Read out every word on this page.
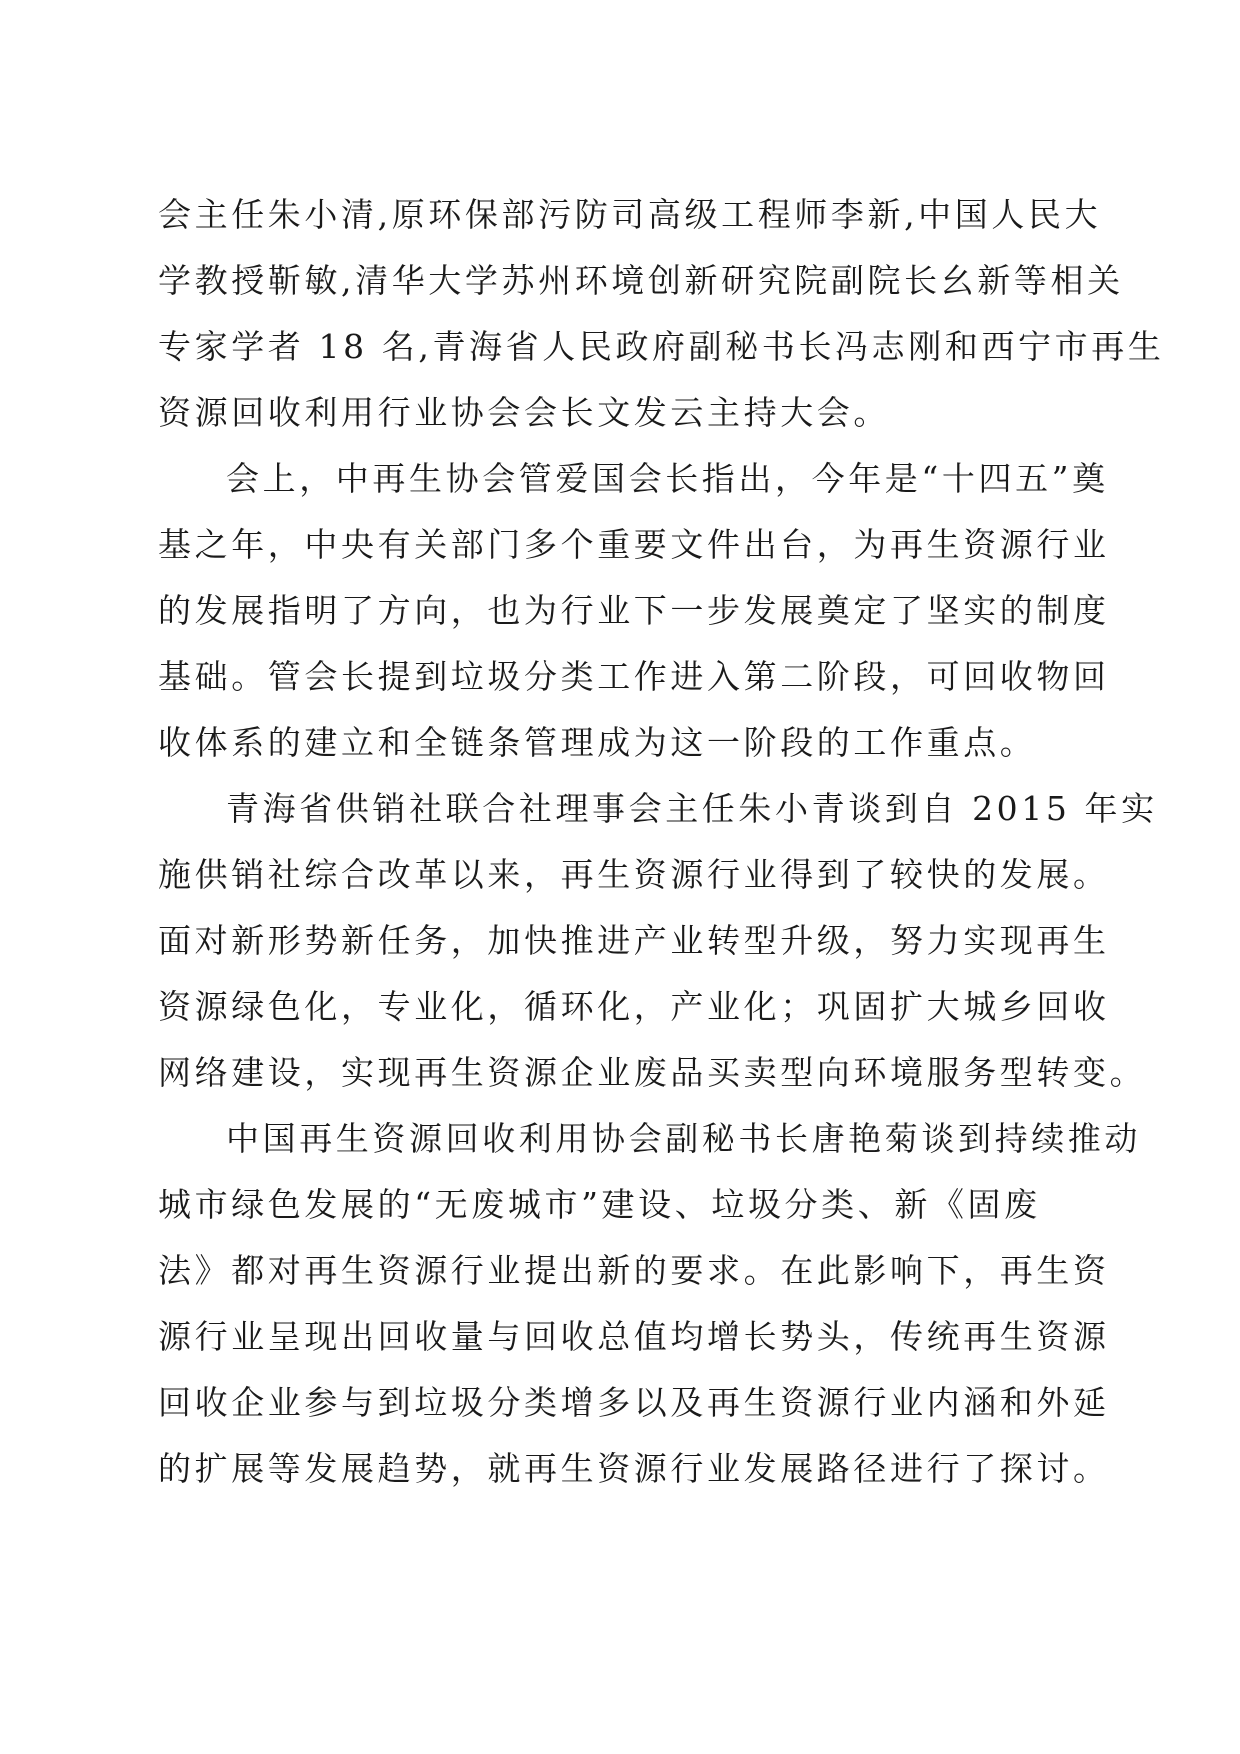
会主任朱小清,原环保部污防司高级工程师李新,中国人民大
学教授靳敏,清华大学苏州环境创新研究院副院长幺新等相关
专家学者 18 名,青海省人民政府副秘书长冯志刚和西宁市再生
资源回收利用行业协会会长文发云主持大会。
会上，中再生协会管爱国会长指出，今年是“十四五”奠
基之年，中央有关部门多个重要文件出台，为再生资源行业
的发展指明了方向，也为行业下一步发展奠定了坚实的制度
基础。管会长提到垃圾分类工作进入第二阶段，可回收物回
收体系的建立和全链条管理成为这一阶段的工作重点。
青海省供销社联合社理事会主任朱小青谈到自 2015 年实
施供销社综合改革以来，再生资源行业得到了较快的发展。
面对新形势新任务，加快推进产业转型升级，努力实现再生
资源绿色化，专业化，循环化，产业化；巩固扩大城乡回收
网络建设，实现再生资源企业废品买卖型向环境服务型转变。
中国再生资源回收利用协会副秘书长唐艳菊谈到持续推动
城市绿色发展的“无废城市”建设、垃圾分类、新《固废
法》都对再生资源行业提出新的要求。在此影响下，再生资
源行业呈现出回收量与回收总值均增长势头，传统再生资源
回收企业参与到垃圾分类增多以及再生资源行业内涵和外延
的扩展等发展趋势，就再生资源行业发展路径进行了探讨。
